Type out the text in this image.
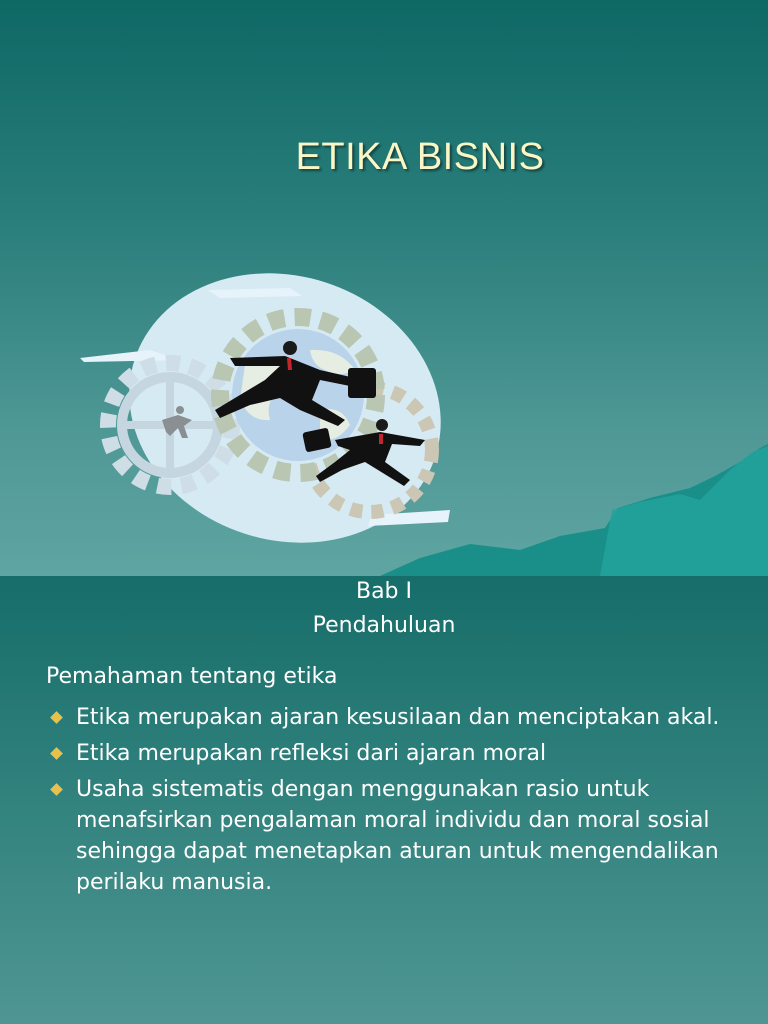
ETIKA BISNIS
Bab I
Pendahuluan
Pemahaman tentang etika
Etika merupakan ajaran kesusilaan dan menciptakan akal.
Etika merupakan refleksi dari ajaran moral
Usaha sistematis dengan menggunakan rasio untuk menafsirkan pengalaman moral individu dan moral sosial sehingga dapat menetapkan aturan untuk mengendalikan perilaku manusia.
